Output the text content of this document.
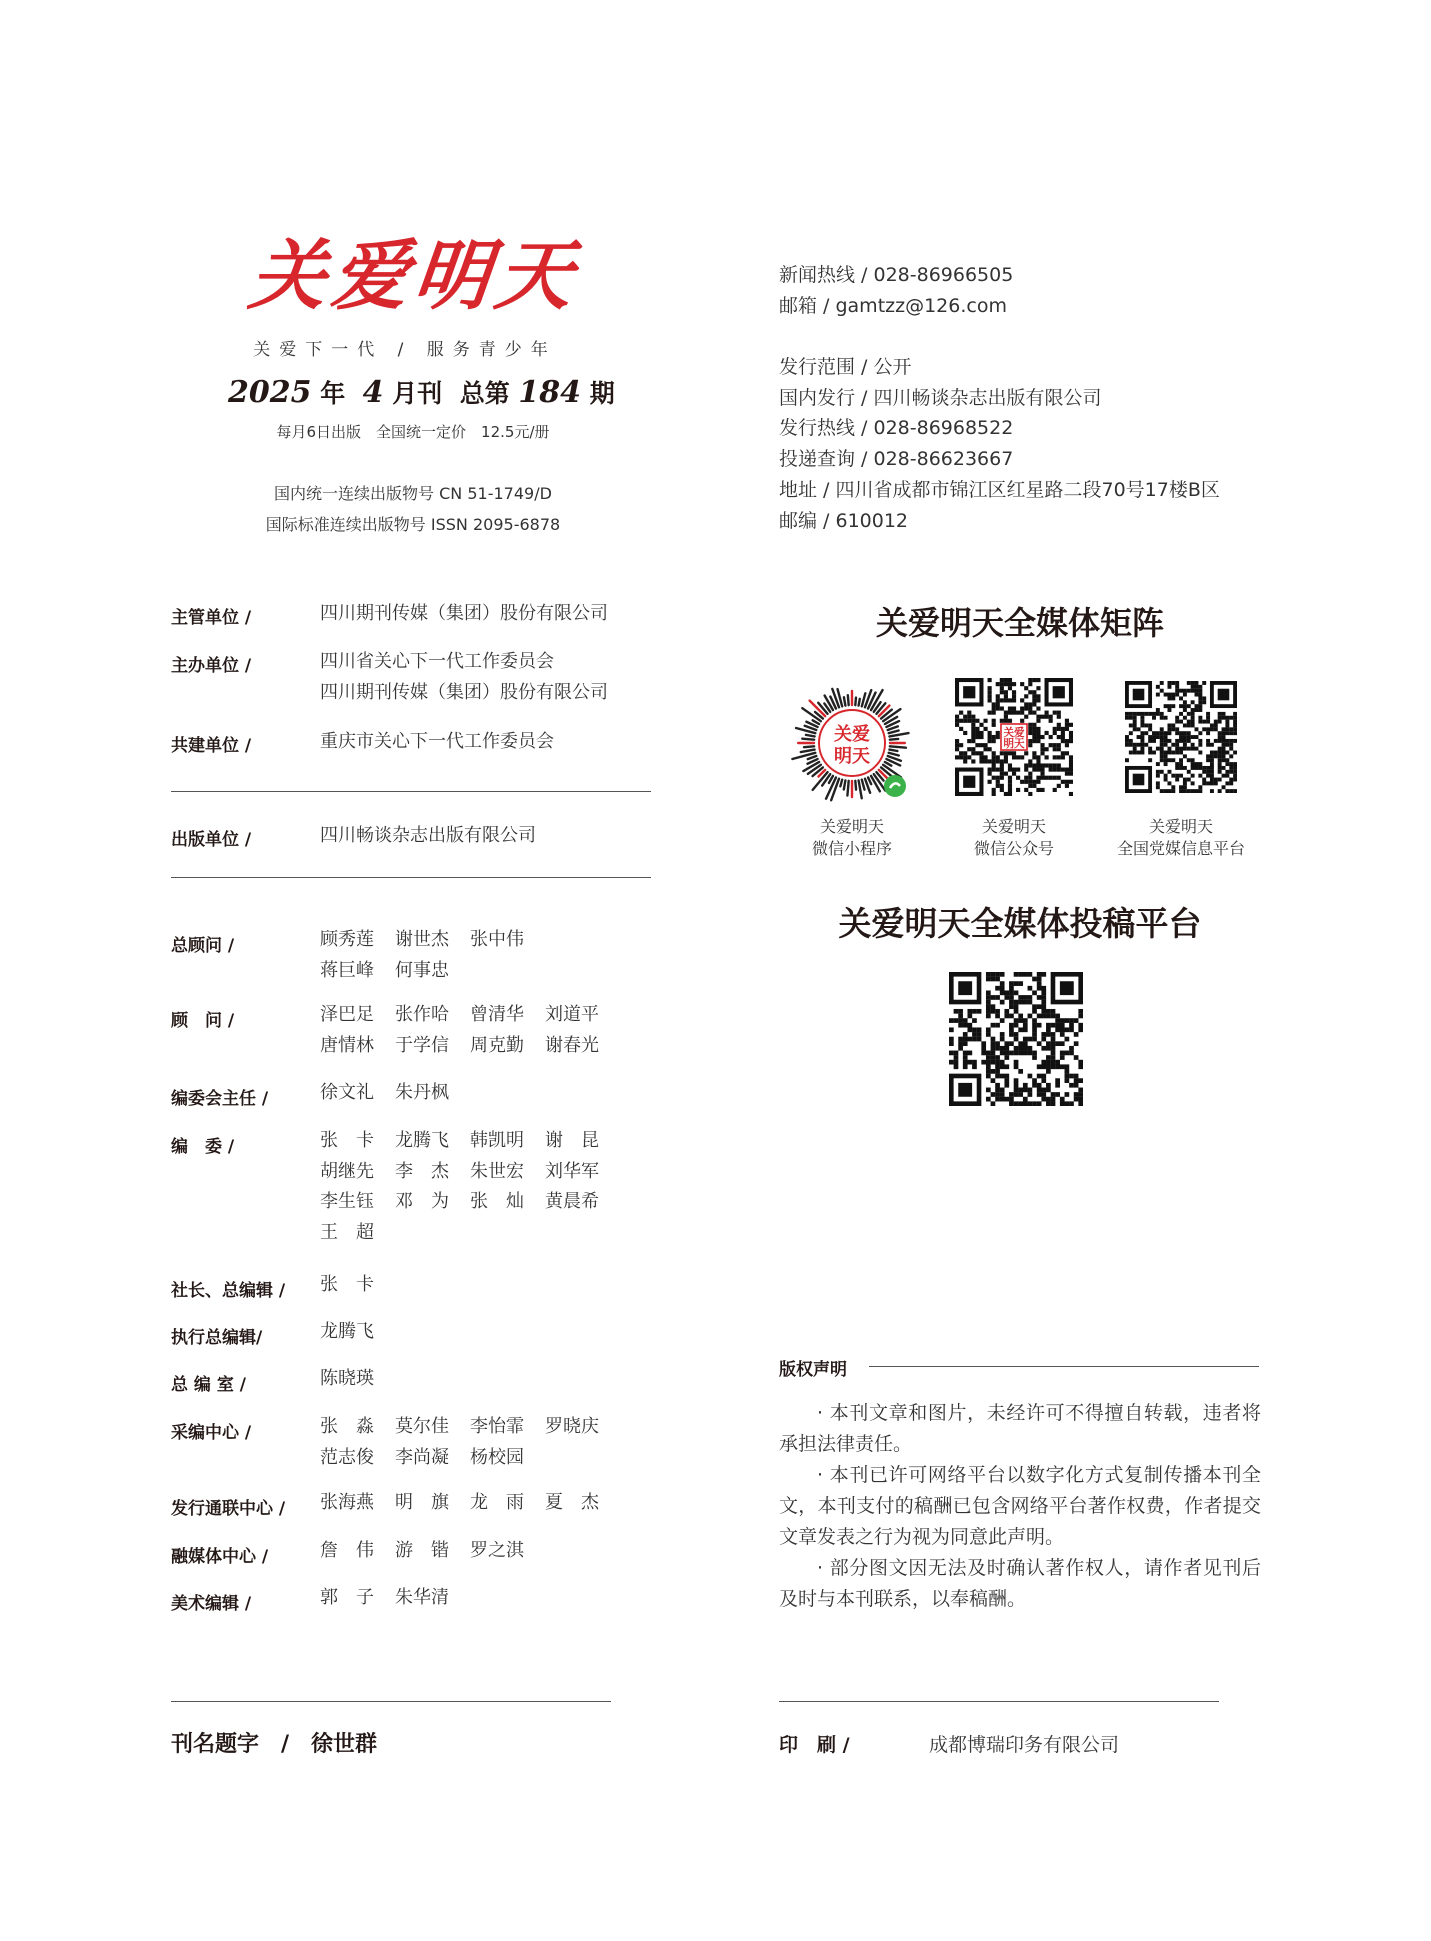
关爱明天
关爱下一代 / 服务青少年
2025 年 4 月刊 总第 184 期
每月6日出版　全国统一定价　12.5元/册
国内统一连续出版物号 CN 51-1749/D
国际标准连续出版物号 ISSN 2095-6878
主管单位 /	四川期刊传媒（集团）股份有限公司
主办单位 /	四川省关心下一代工作委员会
四川期刊传媒（集团）股份有限公司
共建单位 /	重庆市关心下一代工作委员会
出版单位 /	四川畅谈杂志出版有限公司
总顾问 /	顾秀莲	谢世杰	张中伟
蒋巨峰	何事忠
顾　问 /	泽巴足	张作哈	曾清华	刘道平
唐情林	于学信	周克勤	谢春光
编委会主任 /	徐文礼	朱丹枫
编　委 /	张　卡	龙腾飞	韩凯明	谢　昆
胡继先	李　杰	朱世宏	刘华军
李生钰	邓　为	张　灿	黄晨希
王　超
社长、总编辑 / 张　卡
执行总编辑/	龙腾飞
总 编 室 /	陈晓瑛
采编中心 /	张　淼	莫尔佳	李怡霏	罗晓庆
范志俊	李尚凝	杨校园
发行通联中心 / 张海燕	明　旗	龙　雨	夏　杰
融媒体中心 /	詹　伟	游　锴	罗之淇
美术编辑 /	郭　子	朱华清
刊名题字　/　徐世群
新闻热线 / 028-86966505
邮箱 / gamtzz@126.com
发行范围 / 公开
国内发行 / 四川畅谈杂志出版有限公司
发行热线 / 028-86968522
投递查询 / 028-86623667
地址 / 四川省成都市锦江区红星路二段70号17楼B区
邮编 / 610012
关爱明天全媒体矩阵
关爱
明天
关爱
明天
关爱明天
微信小程序
关爱明天
微信公众号
关爱明天
全国党媒信息平台
关爱明天全媒体投稿平台
版权声明

· 本刊文章和图片，未经许可不得擅自转载，违者将承担法律责任。

· 本刊已许可网络平台以数字化方式复制传播本刊全文，本刊支付的稿酬已包含网络平台著作权费，作者提交文章发表之行为视为同意此声明。

· 部分图文因无法及时确认著作权人，请作者见刊后及时与本刊联系，以奉稿酬。

印　刷 /	成都博瑞印务有限公司
